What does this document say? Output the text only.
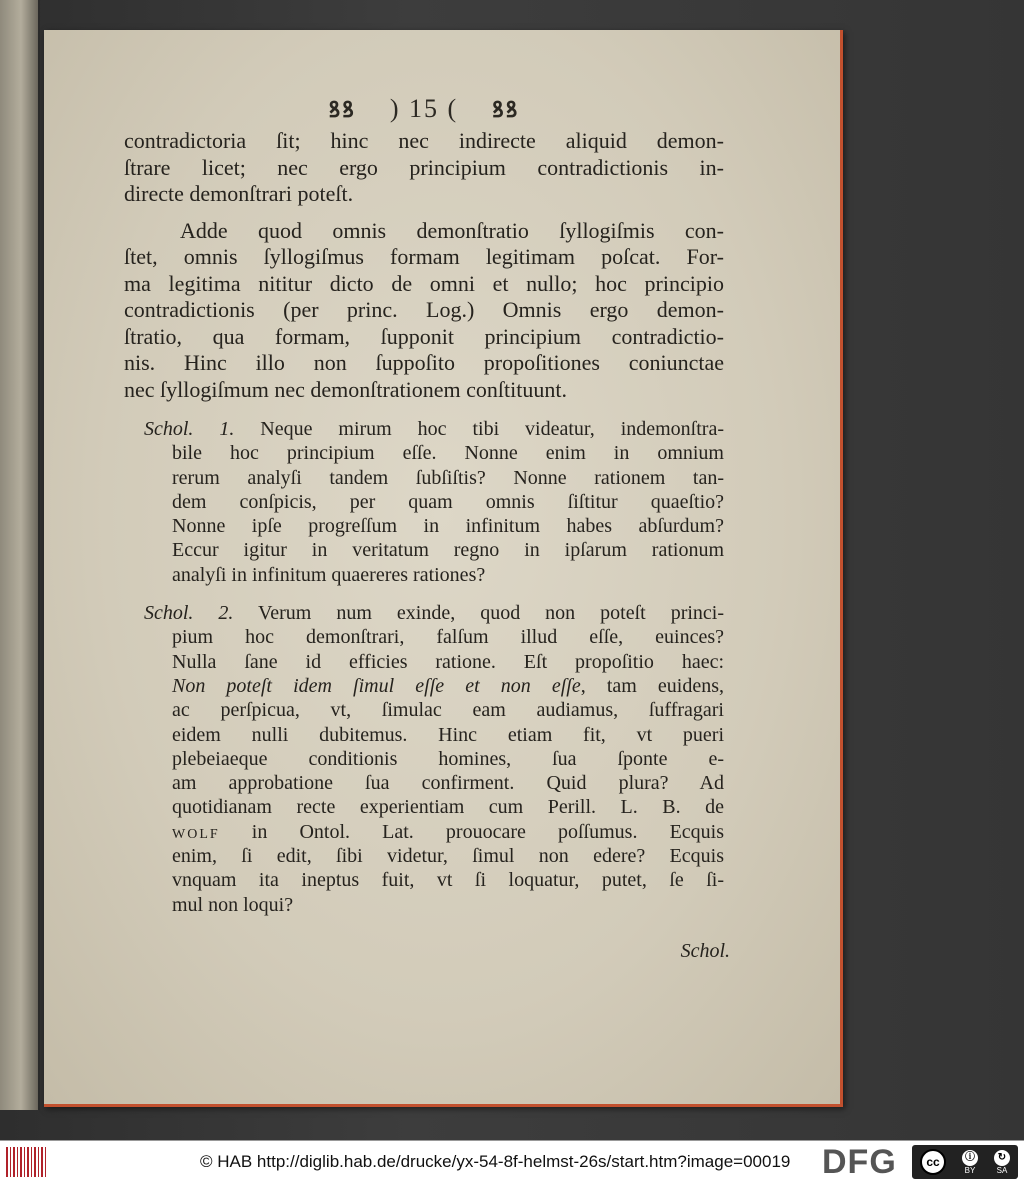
ꝸꝸ ) 15 ( ꝸꝸ
contradictoria ſit; hinc nec indirecte aliquid demon-
ſtrare licet; nec ergo principium contradictionis in-
directe demonſtrari poteſt.
Adde quod omnis demonſtratio ſyllogiſmis con-
ſtet, omnis ſyllogiſmus formam legitimam poſcat. For-
ma legitima nititur dicto de omni et nullo; hoc principio
contradictionis (per princ. Log.) Omnis ergo demon-
ſtratio, qua formam, ſupponit principium contradictio-
nis. Hinc illo non ſuppoſito propoſitiones coniunctae
nec ſyllogiſmum nec demonſtrationem conſtituunt.
Schol. 1. Neque mirum hoc tibi videatur, indemonſtra-
bile hoc principium eſſe. Nonne enim in omnium
rerum analyſi tandem ſubſiſtis? Nonne rationem tan-
dem conſpicis, per quam omnis ſiſtitur quaeſtio?
Nonne ipſe progreſſum in infinitum habes abſurdum?
Eccur igitur in veritatum regno in ipſarum rationum
analyſi in infinitum quaereres rationes?
Schol. 2. Verum num exinde, quod non poteſt princi-
pium hoc demonſtrari, falſum illud eſſe, euinces?
Nulla ſane id efficies ratione. Eſt propoſitio haec:
Non poteſt idem ſimul eſſe et non eſſe, tam euidens,
ac perſpicua, vt, ſimulac eam audiamus, ſuffragari
eidem nulli dubitemus. Hinc etiam fit, vt pueri
plebeiaeque conditionis homines, ſua ſponte e-
am approbatione ſua confirment. Quid plura? Ad
quotidianam recte experientiam cum Perill. L. B. de
wolf in Ontol. Lat. prouocare poſſumus. Ecquis
enim, ſi edit, ſibi videtur, ſimul non edere? Ecquis
vnquam ita ineptus fuit, vt ſi loquatur, putet, ſe ſi-
mul non loqui?
Schol.
© HAB http://diglib.hab.de/drucke/yx-54-8f-helmst-26s/start.htm?image=00019 DFG	cc	ⓘ
BY
↻
SA
